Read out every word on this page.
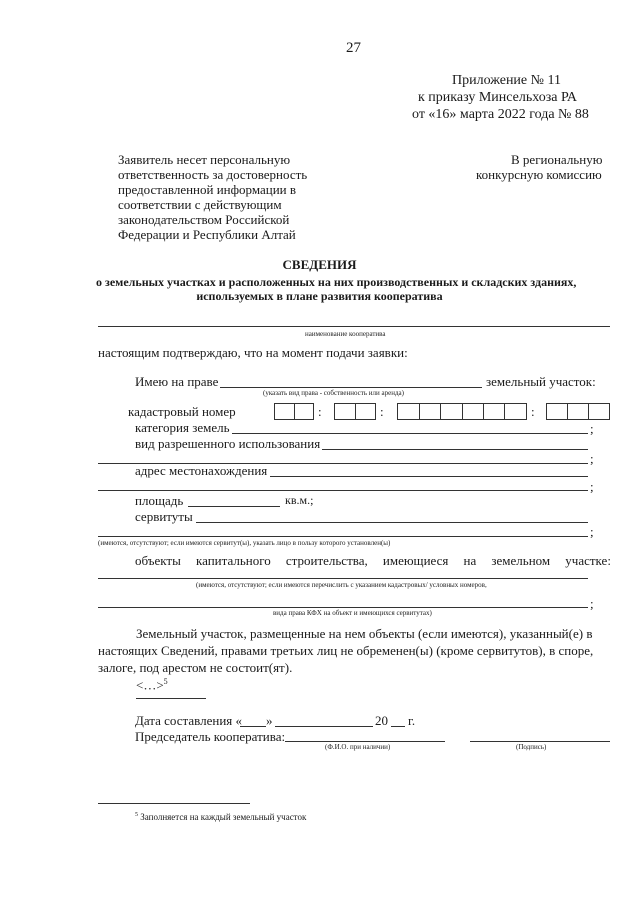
27
Приложение № 11
к приказу Минсельхоза РА
от «16» марта 2022 года № 88
Заявитель несет персональную
ответственность за достоверность
предоставленной информации в
соответствии с действующим
законодательством Российской
Федерации и Республики Алтай
В региональную
конкурсную комиссию
СВЕДЕНИЯ
о земельных участках и расположенных на них производственных и складских зданиях,
используемых в плане развития кооператива
наименование кооператива
настоящим подтверждаю, что на момент подачи заявки:
Имею на праве	земельный участок:
(указать вид права - собственность или аренда)
кадастровый номер	:	:	:
категория земель	;
вид разрешенного использования
;
адрес местонахождения
;
площадь	кв.м.;
сервитуты
;
(имеются, отсутствуют; если имеются сервитут(ы), указать лицо в пользу которого установлен(ы)
объекты капитального строительства, имеющиеся на земельном участке:
(имеются, отсутствуют; если имеются перечислить с указанием кадастровых/ условных номеров,
;
вида права КФХ на объект и имеющихся сервитутах)
Земельный участок, размещенные на нем объекты (если имеются), указанный(е) в
настоящих Сведений, правами третьих лиц не обременен(ы) (кроме сервитутов), в споре,
залоге, под арестом не состоит(ят).
<…>$^5$
Дата составления « »	20 г.
Председатель кооператива:
(Ф.И.О. при наличии)	(Подпись)
$^5$ Заполняется на каждый земельный участок
